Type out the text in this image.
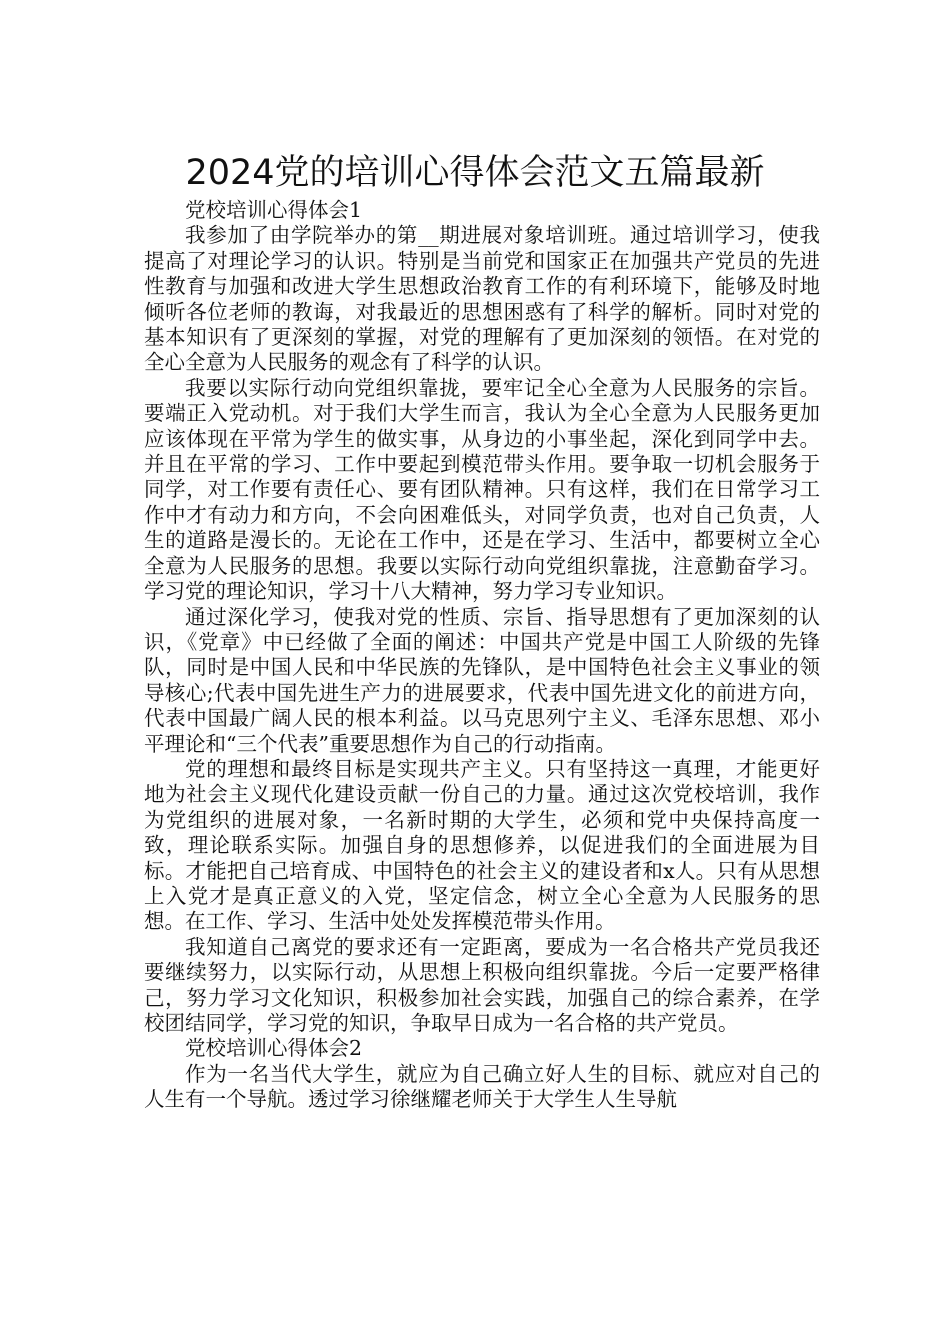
2024党的培训心得体会范文五篇最新

党校培训心得体会1

我参加了由学院举办的第__期进展对象培训班。通过培训学习，使我提高了对理论学习的认识。特别是当前党和国家正在加强共产党员的先进性教育与加强和改进大学生思想政治教育工作的有利环境下，能够及时地倾听各位老师的教诲，对我最近的思想困惑有了科学的解析。同时对党的基本知识有了更深刻的掌握，对党的理解有了更加深刻的领悟。在对党的全心全意为人民服务的观念有了科学的认识。

我要以实际行动向党组织靠拢，要牢记全心全意为人民服务的宗旨。要端正入党动机。对于我们大学生而言，我认为全心全意为人民服务更加应该体现在平常为学生的做实事，从身边的小事坐起，深化到同学中去。并且在平常的学习、工作中要起到模范带头作用。要争取一切机会服务于同学，对工作要有责任心、要有团队精神。只有这样，我们在日常学习工作中才有动力和方向，不会向困难低头，对同学负责，也对自己负责，人生的道路是漫长的。无论在工作中，还是在学习、生活中，都要树立全心全意为人民服务的思想。我要以实际行动向党组织靠拢，注意勤奋学习。学习党的理论知识，学习十八大精神，努力学习专业知识。

通过深化学习，使我对党的性质、宗旨、指导思想有了更加深刻的认识，《党章》中已经做了全面的阐述：中国共产党是中国工人阶级的先锋队，同时是中国人民和中华民族的先锋队，是中国特色社会主义事业的领导核心;代表中国先进生产力的进展要求，代表中国先进文化的前进方向，代表中国最广阔人民的根本利益。以马克思列宁主义、毛泽东思想、邓小平理论和“三个代表”重要思想作为自己的行动指南。

党的理想和最终目标是实现共产主义。只有坚持这一真理，才能更好地为社会主义现代化建设贡献一份自己的力量。通过这次党校培训，我作为党组织的进展对象，一名新时期的大学生，必须和党中央保持高度一致，理论联系实际。加强自身的思想修养，以促进我们的全面进展为目标。才能把自己培育成、中国特色的社会主义的建设者和x人。只有从思想上入党才是真正意义的入党，坚定信念，树立全心全意为人民服务的思想。在工作、学习、生活中处处发挥模范带头作用。

我知道自己离党的要求还有一定距离，要成为一名合格共产党员我还要继续努力，以实际行动，从思想上积极向组织靠拢。今后一定要严格律己，努力学习文化知识，积极参加社会实践，加强自己的综合素养，在学校团结同学，学习党的知识，争取早日成为一名合格的共产党员。

党校培训心得体会2

作为一名当代大学生，就应为自己确立好人生的目标、就应对自己的人生有一个导航。透过学习徐继耀老师关于大学生人生导航
